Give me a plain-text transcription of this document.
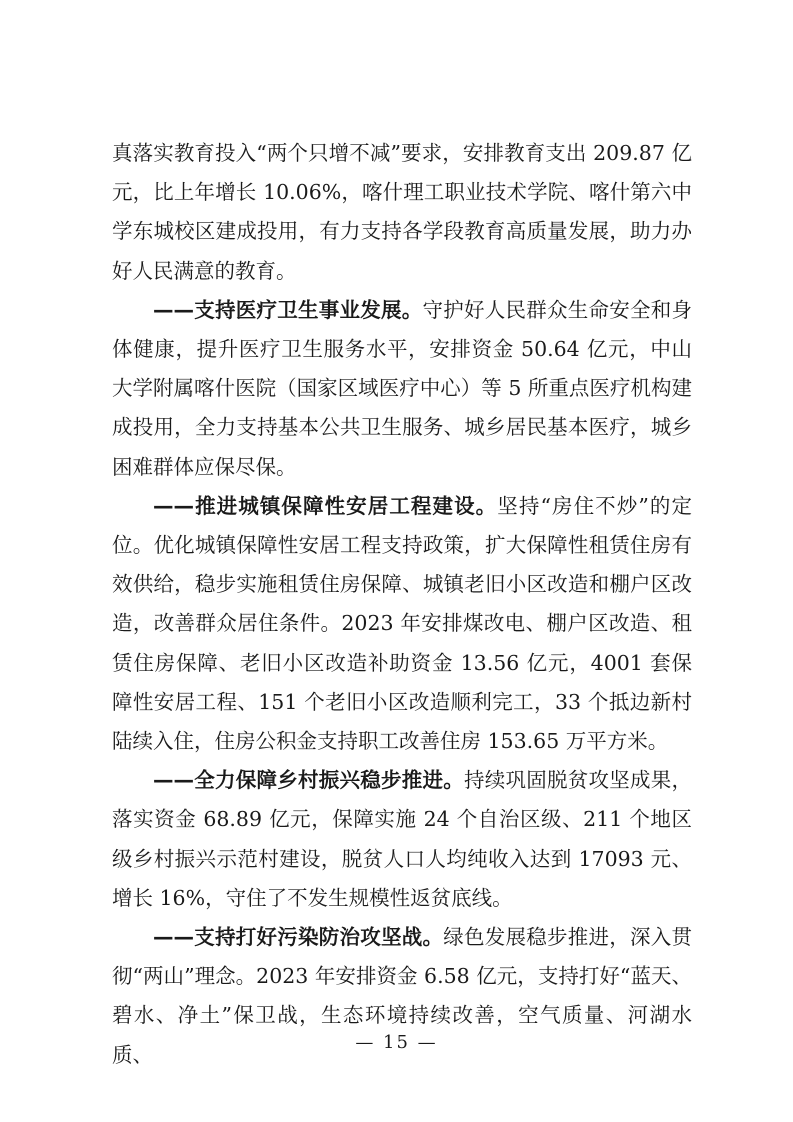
真落实教育投入“两个只增不减”要求，安排教育支出 209.87 亿元，比上年增长 10.06%，喀什理工职业技术学院、喀什第六中学东城校区建成投用，有力支持各学段教育高质量发展，助力办好人民满意的教育。

——支持医疗卫生事业发展。守护好人民群众生命安全和身体健康，提升医疗卫生服务水平，安排资金 50.64 亿元，中山大学附属喀什医院（国家区域医疗中心）等 5 所重点医疗机构建成投用，全力支持基本公共卫生服务、城乡居民基本医疗，城乡困难群体应保尽保。

——推进城镇保障性安居工程建设。坚持“房住不炒”的定位。优化城镇保障性安居工程支持政策，扩大保障性租赁住房有效供给，稳步实施租赁住房保障、城镇老旧小区改造和棚户区改造，改善群众居住条件。2023 年安排煤改电、棚户区改造、租赁住房保障、老旧小区改造补助资金 13.56 亿元，4001 套保障性安居工程、151 个老旧小区改造顺利完工，33 个抵边新村陆续入住，住房公积金支持职工改善住房 153.65 万平方米。

——全力保障乡村振兴稳步推进。持续巩固脱贫攻坚成果，落实资金 68.89 亿元，保障实施 24 个自治区级、211 个地区级乡村振兴示范村建设，脱贫人口人均纯收入达到 17093 元、增长 16%，守住了不发生规模性返贫底线。

——支持打好污染防治攻坚战。绿色发展稳步推进，深入贯彻“两山”理念。2023 年安排资金 6.58 亿元，支持打好“蓝天、碧水、净土”保卫战，生态环境持续改善，空气质量、河湖水质、

— 15 —
